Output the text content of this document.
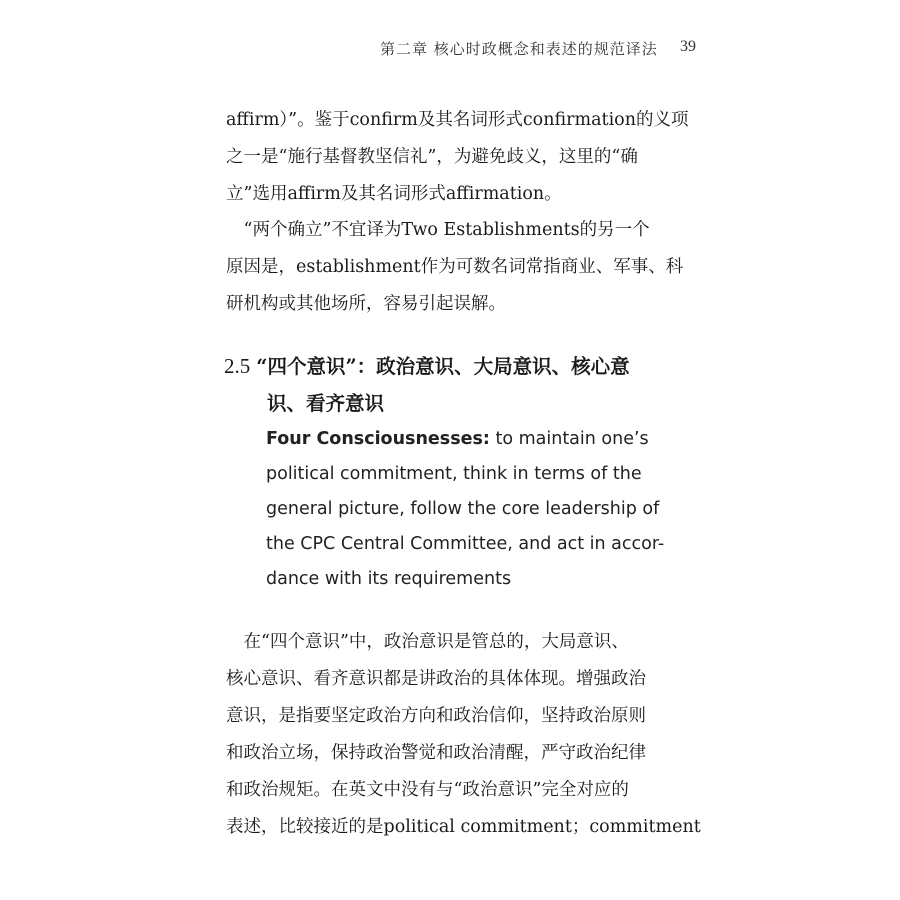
第二章 核心时政概念和表述的规范译法 39
affirm）”。鉴于confirm及其名词形式confirmation的义项
之一是“施行基督教坚信礼”，为避免歧义，这里的“确
立”选用affirm及其名词形式affirmation。
　“两个确立”不宜译为Two Establishments的另一个
原因是，establishment作为可数名词常指商业、军事、科
研机构或其他场所，容易引起误解。
2.5 “四个意识”：政治意识、大局意识、核心意
识、看齐意识
Four Consciousnesses: to maintain one’s
political commitment, think in terms of the
general picture, follow the core leadership of
the CPC Central Committee, and act in accor-
dance with its requirements
　在“四个意识”中，政治意识是管总的，大局意识、
核心意识、看齐意识都是讲政治的具体体现。增强政治
意识，是指要坚定政治方向和政治信仰，坚持政治原则
和政治立场，保持政治警觉和政治清醒，严守政治纪律
和政治规矩。在英文中没有与“政治意识”完全对应的
表述，比较接近的是political commitment；commitment
